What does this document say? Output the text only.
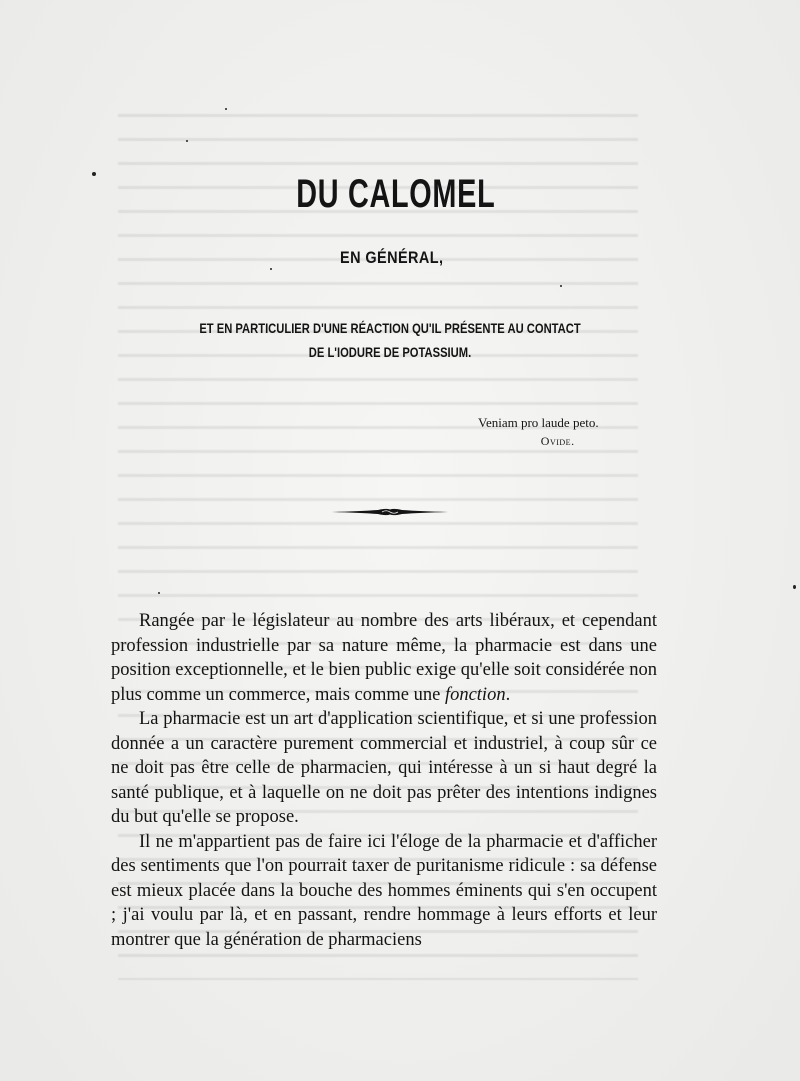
DU CALOMEL
EN GÉNÉRAL,
ET EN PARTICULIER D'UNE RÉACTION QU'IL PRÉSENTE AU CONTACT DE L'IODURE DE POTASSIUM.
Veniam pro laude peto.
Ovide.

Rangée par le législateur au nombre des arts libéraux, et cependant profession industrielle par sa nature même, la pharmacie est dans une position exceptionnelle, et le bien public exige qu'elle soit considérée non plus comme un commerce, mais comme une fonction.

La pharmacie est un art d'application scientifique, et si une profession donnée a un caractère purement commercial et industriel, à coup sûr ce ne doit pas être celle de pharmacien, qui intéresse à un si haut degré la santé publique, et à laquelle on ne doit pas prêter des intentions indignes du but qu'elle se propose.

Il ne m'appartient pas de faire ici l'éloge de la pharmacie et d'afficher des sentiments que l'on pourrait taxer de puritanisme ridicule : sa défense est mieux placée dans la bouche des hommes éminents qui s'en occupent ; j'ai voulu par là, et en passant, rendre hommage à leurs efforts et leur montrer que la génération de pharmaciens
